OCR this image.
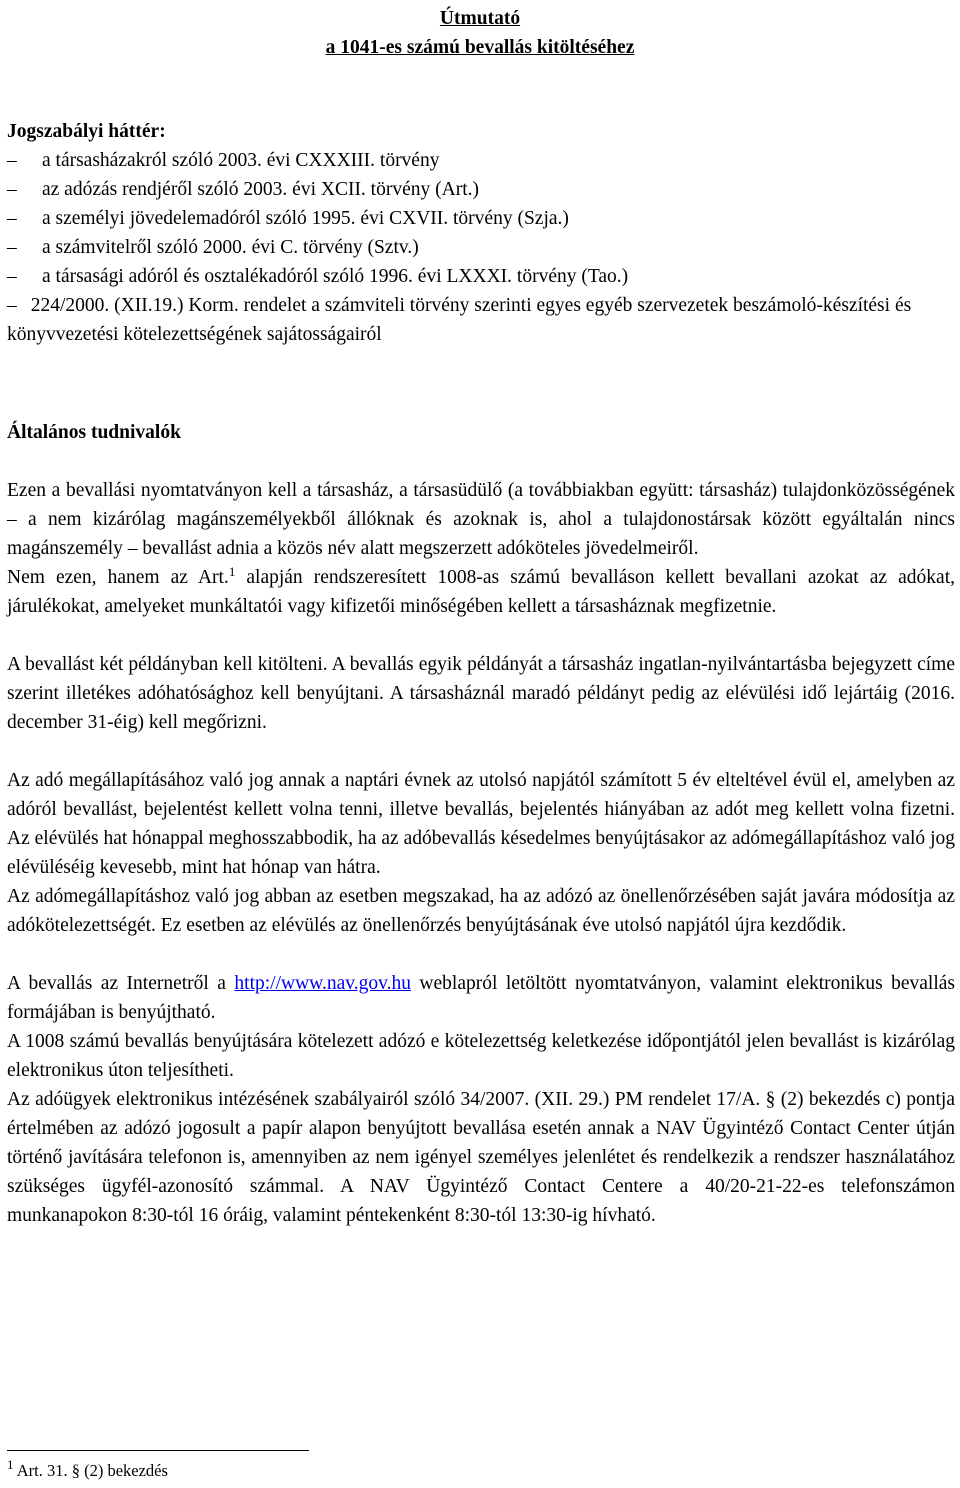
Útmutató
a 1041-es számú bevallás kitöltéséhez
Jogszabályi háttér:
–	a társasházakról szóló 2003. évi CXXXIII. törvény
–	az adózás rendjéről szóló 2003. évi XCII. törvény (Art.)
–	a személyi jövedelemadóról szóló 1995. évi CXVII. törvény (Szja.)
–	a számvitelről szóló 2000. évi C. törvény (Sztv.)
–	a társasági adóról és osztalékadóról szóló 1996. évi LXXXI. törvény (Tao.)
– 224/2000. (XII.19.) Korm. rendelet a számviteli törvény szerinti egyes egyéb szervezetek beszámoló-készítési és könyvvezetési kötelezettségének sajátosságairól
Általános tudnivalók

Ezen a bevallási nyomtatványon kell a társasház, a társasüdülő (a továbbiakban együtt: társasház) tulajdonközösségének – a nem kizárólag magánszemélyekből állóknak és azoknak is, ahol a tulajdonostársak között egyáltalán nincs magánszemély – bevallást adnia a közös név alatt megszerzett adóköteles jövedelmeiről.

Nem ezen, hanem az Art.$^1$ alapján rendszeresített 1008-as számú bevalláson kellett bevallani azokat az adókat, járulékokat, amelyeket munkáltatói vagy kifizetői minőségében kellett a társasháznak megfizetnie.

A bevallást két példányban kell kitölteni. A bevallás egyik példányát a társasház ingatlan-nyilvántartásba bejegyzett címe szerint illetékes adóhatósághoz kell benyújtani. A társasháznál maradó példányt pedig az elévülési idő lejártáig (2016. december 31-éig) kell megőrizni.

Az adó megállapításához való jog annak a naptári évnek az utolsó napjától számított 5 év elteltével évül el, amelyben az adóról bevallást, bejelentést kellett volna tenni, illetve bevallás, bejelentés hiányában az adót meg kellett volna fizetni. Az elévülés hat hónappal meghosszabbodik, ha az adóbevallás késedelmes benyújtásakor az adómegállapításhoz való jog elévüléséig kevesebb, mint hat hónap van hátra.

Az adómegállapításhoz való jog abban az esetben megszakad, ha az adózó az önellenőrzésében saját javára módosítja az adókötelezettségét. Ez esetben az elévülés az önellenőrzés benyújtásának éve utolsó napjától újra kezdődik.

A bevallás az Internetről a http://www.nav.gov.hu weblapról letöltött nyomtatványon, valamint elektronikus bevallás formájában is benyújtható.

A 1008 számú bevallás benyújtására kötelezett adózó e kötelezettség keletkezése időpontjától jelen bevallást is kizárólag elektronikus úton teljesítheti.

Az adóügyek elektronikus intézésének szabályairól szóló 34/2007. (XII. 29.) PM rendelet 17/A. § (2) bekezdés c) pontja értelmében az adózó jogosult a papír alapon benyújtott bevallása esetén annak a NAV Ügyintéző Contact Center útján történő javítására telefonon is, amennyiben az nem igényel személyes jelenlétet és rendelkezik a rendszer használatához szükséges ügyfél-azonosító számmal. A NAV Ügyintéző Contact Centere a 40/20-21-22-es telefonszámon munkanapokon 8:30-tól 16 óráig, valamint péntekenként 8:30-tól 13:30-ig hívható.

$^1$ Art. 31. § (2) bekezdés
